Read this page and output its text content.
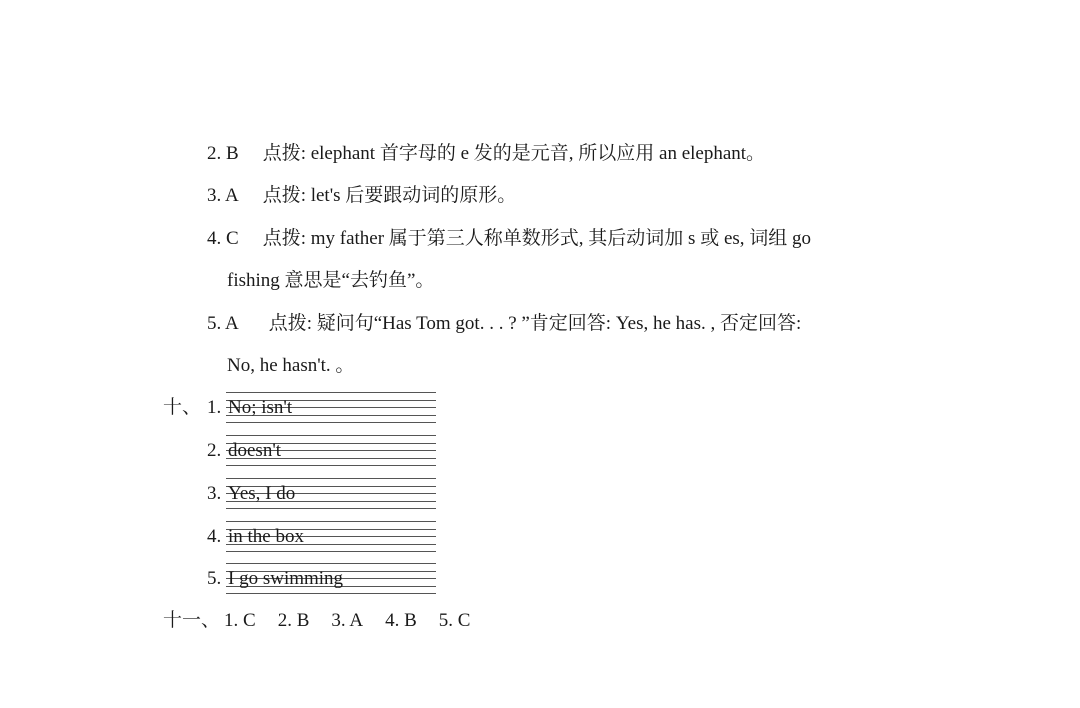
2. B 点拨: elephant 首字母的 e 发的是元音, 所以应用 an elephant。
3. A 点拨: let's 后要跟动词的原形。
4. C 点拨: my father 属于第三人称单数形式, 其后动词加 s 或 es, 词组 go
fishing 意思是“去钓鱼”。
5. A 点拨: 疑问句“Has Tom got. . . ? ”肯定回答: Yes, he has. , 否定回答:
No, he hasn't. 。
十、 1. No; isn't
2. doesn't
3. Yes, I do
4. in the box
5. I go swimming
十一、 1. C 2. B 3. A 4. B 5. C
